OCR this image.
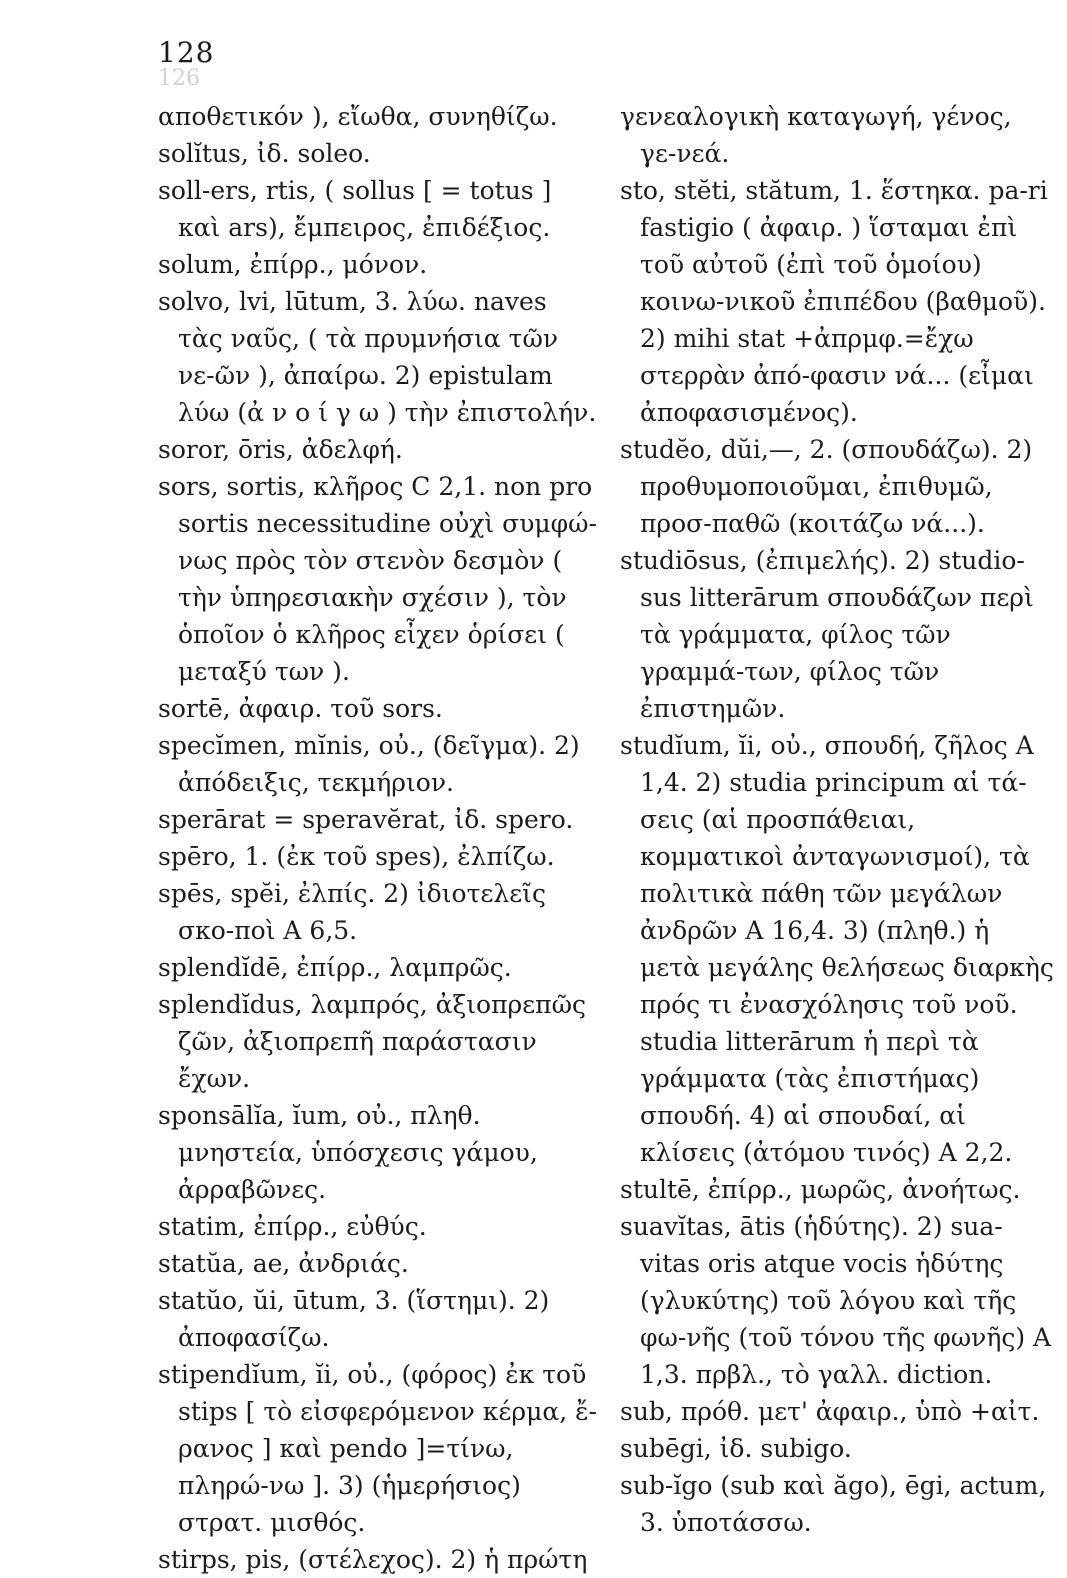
128
126
αποθετικόν ), εἴωθα, συνηθίζω.
solĭtus, ἰδ. soleo.
soll-ers, rtis, ( sollus [ = totus ] καὶ ars), ἔμπειρος, ἐπιδέξιος.
solum, ἐπίρρ., μόνον.
solvo, lvi, lūtum, 3. λύω. naves τὰς ναῦς, ( τὰ πρυμνήσια τῶν νε-ῶν ), ἀπαίρω. 2) epistulam λύω (ἀ ν ο ί γ ω ) τὴν ἐπιστολήν.
soror, ōris, ἀδελφή.
sors, sortis, κλῆρος C 2,1. non pro sortis necessitudine οὐχὶ συμφώ-νως πρὸς τὸν στενὸν δεσμὸν ( τὴν ὑπηρεσιακὴν σχέσιν ), τὸν ὁποῖον ὁ κλῆρος εἶχεν ὁρίσει ( μεταξύ των ).
sortē, ἀφαιρ. τοῦ sors.
specĭmen, mĭnis, οὐ., (δεῖγμα). 2) ἀπόδειξις, τεκμήριον.
sperārat = speravĕrat, ἰδ. spero.
spēro, 1. (ἐκ τοῦ spes), ἐλπίζω.
spēs, spĕi, ἐλπίς. 2) ἰδιοτελεῖς σκο-ποὶ A 6,5.
splendĭdē, ἐπίρρ., λαμπρῶς.
splendĭdus, λαμπρός, ἀξιοπρεπῶς ζῶν, ἀξιοπρεπῆ παράστασιν ἔχων.
sponsālĭa, ĭum, οὐ., πληθ. μνηστεία, ὑπόσχεσις γάμου, ἀρραβῶνες.
statim, ἐπίρρ., εὐθύς.
statŭa, ae, ἀνδριάς.
statŭo, ŭi, ūtum, 3. (ἵστημι). 2) ἀποφασίζω.
stipendĭum, ĭi, οὐ., (φόρος) ἐκ τοῦ stips [ τὸ εἰσφερόμενον κέρμα, ἔ-ρανος ] καὶ pendo ]=τίνω, πληρώ-νω ]. 3) (ἡμερήσιος) στρατ. μισθός.
stirps, pis, (στέλεχος). 2) ἡ πρώτη
γενεαλογικὴ καταγωγή, γένος, γε-νεά.
sto, stĕti, stătum, 1. ἕστηκα. pa-ri fastigio ( ἀφαιρ. ) ἵσταμαι ἐπὶ τοῦ αὐτοῦ (ἐπὶ τοῦ ὁμοίου) κοινω-νικοῦ ἐπιπέδου (βαθμοῦ). 2) mihi stat +ἀπρμφ.=ἔχω στερρὰν ἀπό-φασιν νά... (εἶμαι ἀποφασισμένος).
studĕo, dŭi,—, 2. (σπουδάζω). 2) προθυμοποιοῦμαι, ἐπιθυμῶ, προσ-παθῶ (κοιτάζω νά...).
studiōsus, (ἐπιμελής). 2) studio-sus litterārum σπουδάζων περὶ τὰ γράμματα, φίλος τῶν γραμμά-των, φίλος τῶν ἐπιστημῶν.
studĭum, ĭi, οὐ., σπουδή, ζῆλος A 1,4. 2) studia principum αἱ τά-σεις (αἱ προσπάθειαι, κομματικοὶ ἀνταγωνισμοί), τὰ πολιτικὰ πάθη τῶν μεγάλων ἀνδρῶν A 16,4. 3) (πληθ.) ἡ μετὰ μεγάλης θελήσεως διαρκὴς πρός τι ἐνασχόλησις τοῦ νοῦ. studia litterārum ἡ περὶ τὰ γράμματα (τὰς ἐπιστήμας) σπουδή. 4) αἱ σπουδαί, αἱ κλίσεις (ἀτόμου τινός) A 2,2.
stultē, ἐπίρρ., μωρῶς, ἀνοήτως.
suavĭtas, ātis (ἡδύτης). 2) sua-vitas oris atque vocis ἡδύτης (γλυκύτης) τοῦ λόγου καὶ τῆς φω-νῆς (τοῦ τόνου τῆς φωνῆς) A 1,3. πρβλ., τὸ γαλλ. diction.
sub, πρόθ. μετ' ἀφαιρ., ὑπὸ +αἰτ.
subēgi, ἰδ. subigo.
sub-ĭgo (sub καὶ ăgo), ēgi, actum, 3. ὑποτάσσω.
